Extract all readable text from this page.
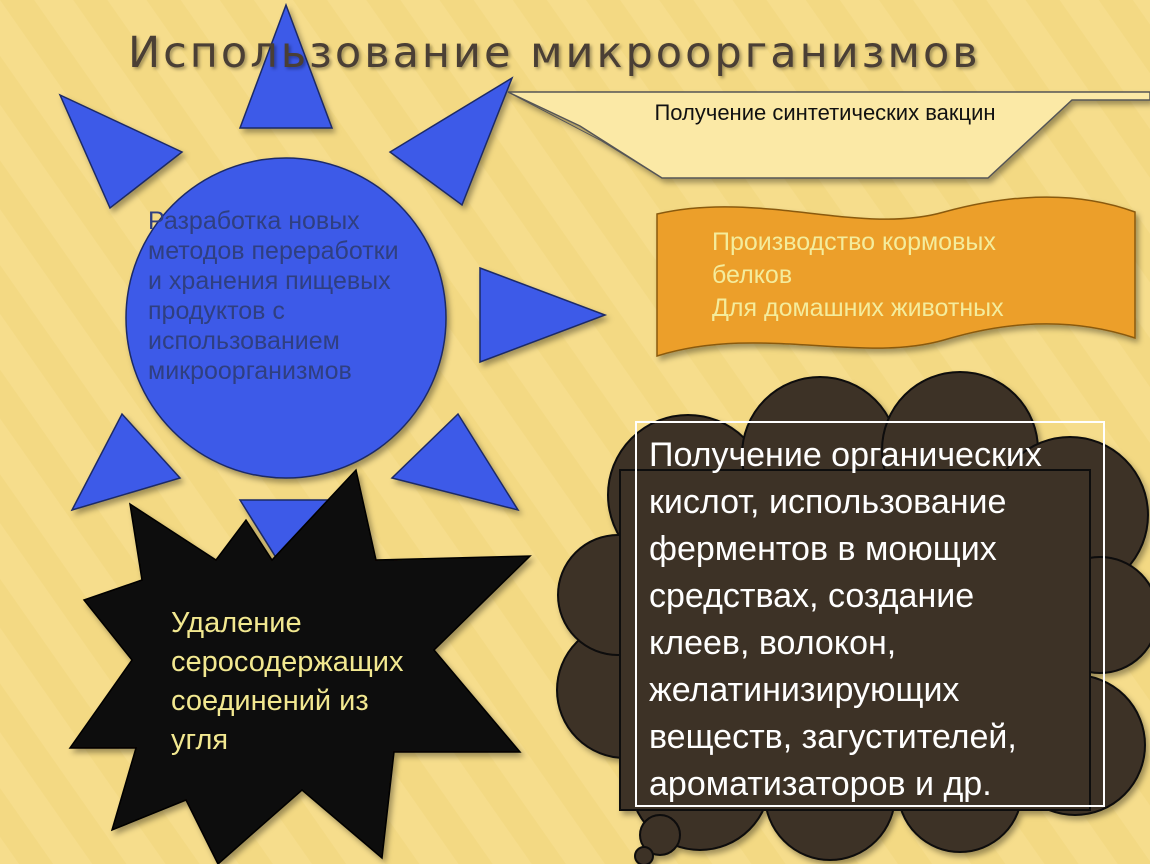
Использование микроорганизмов
Разработка новых
методов переработки
и хранения пищевых
продуктов с
использованием
микроорганизмов
Получение синтетических вакцин
Производство кормовых
белков
Для домашних животных
Получение органических
кислот, использование
ферментов в моющих
средствах, создание
клеев, волокон,
желатинизирующих
веществ, загустителей,
ароматизаторов и др.
Удаление
серосодержащих
соединений из
угля
